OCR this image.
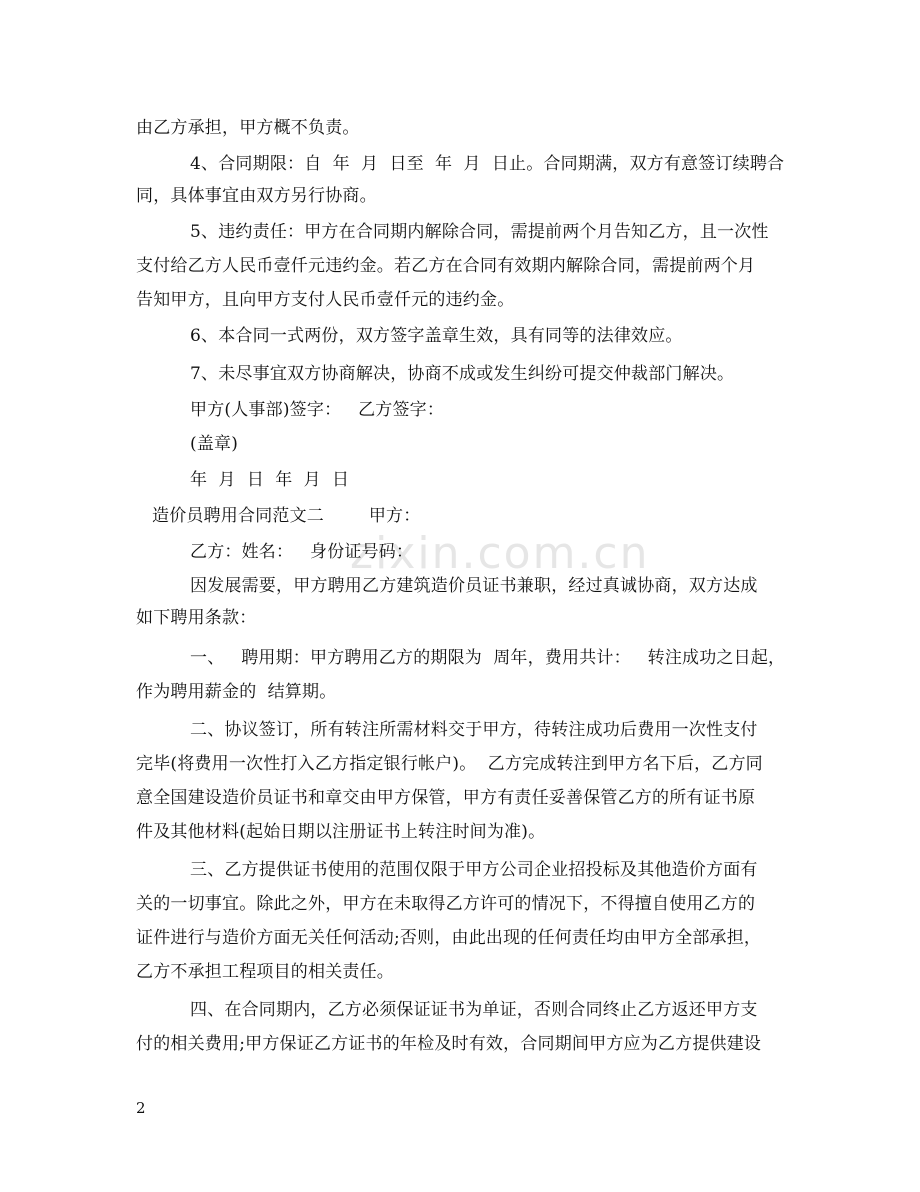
zixin.com.cn
由乙方承担，甲方概不负责。
4、合同期限：自  年  月  日至  年  月  日止。合同期满，双方有意签订续聘合
同，具体事宜由双方另行协商。
5、违约责任：甲方在合同期内解除合同，需提前两个月告知乙方，且一次性
支付给乙方人民币壹仟元违约金。若乙方在合同有效期内解除合同，需提前两个月
告知甲方，且向甲方支付人民币壹仟元的违约金。
6、本合同一式两份，双方签字盖章生效，具有同等的法律效应。
7、未尽事宜双方协商解决，协商不成或发生纠纷可提交仲裁部门解决。
甲方(人事部)签字：   乙方签字：
(盖章)
年  月  日  年  月  日
造价员聘用合同范文二        甲方：
乙方：姓名：   身份证号码：
因发展需要，甲方聘用乙方建筑造价员证书兼职，经过真诚协商，双方达成
如下聘用条款：
一、   聘用期：甲方聘用乙方的期限为  周年，费用共计：   转注成功之日起，
作为聘用薪金的  结算期。
二、协议签订，所有转注所需材料交于甲方，待转注成功后费用一次性支付
完毕(将费用一次性打入乙方指定银行帐户)。  乙方完成转注到甲方名下后，乙方同
意全国建设造价员证书和章交由甲方保管，甲方有责任妥善保管乙方的所有证书原
件及其他材料(起始日期以注册证书上转注时间为准)。
三、乙方提供证书使用的范围仅限于甲方公司企业招投标及其他造价方面有
关的一切事宜。除此之外，甲方在未取得乙方许可的情况下，不得擅自使用乙方的
证件进行与造价方面无关任何活动;否则，由此出现的任何责任均由甲方全部承担，
乙方不承担工程项目的相关责任。
四、在合同期内，乙方必须保证证书为单证，否则合同终止乙方返还甲方支
付的相关费用;甲方保证乙方证书的年检及时有效，合同期间甲方应为乙方提供建设
2
